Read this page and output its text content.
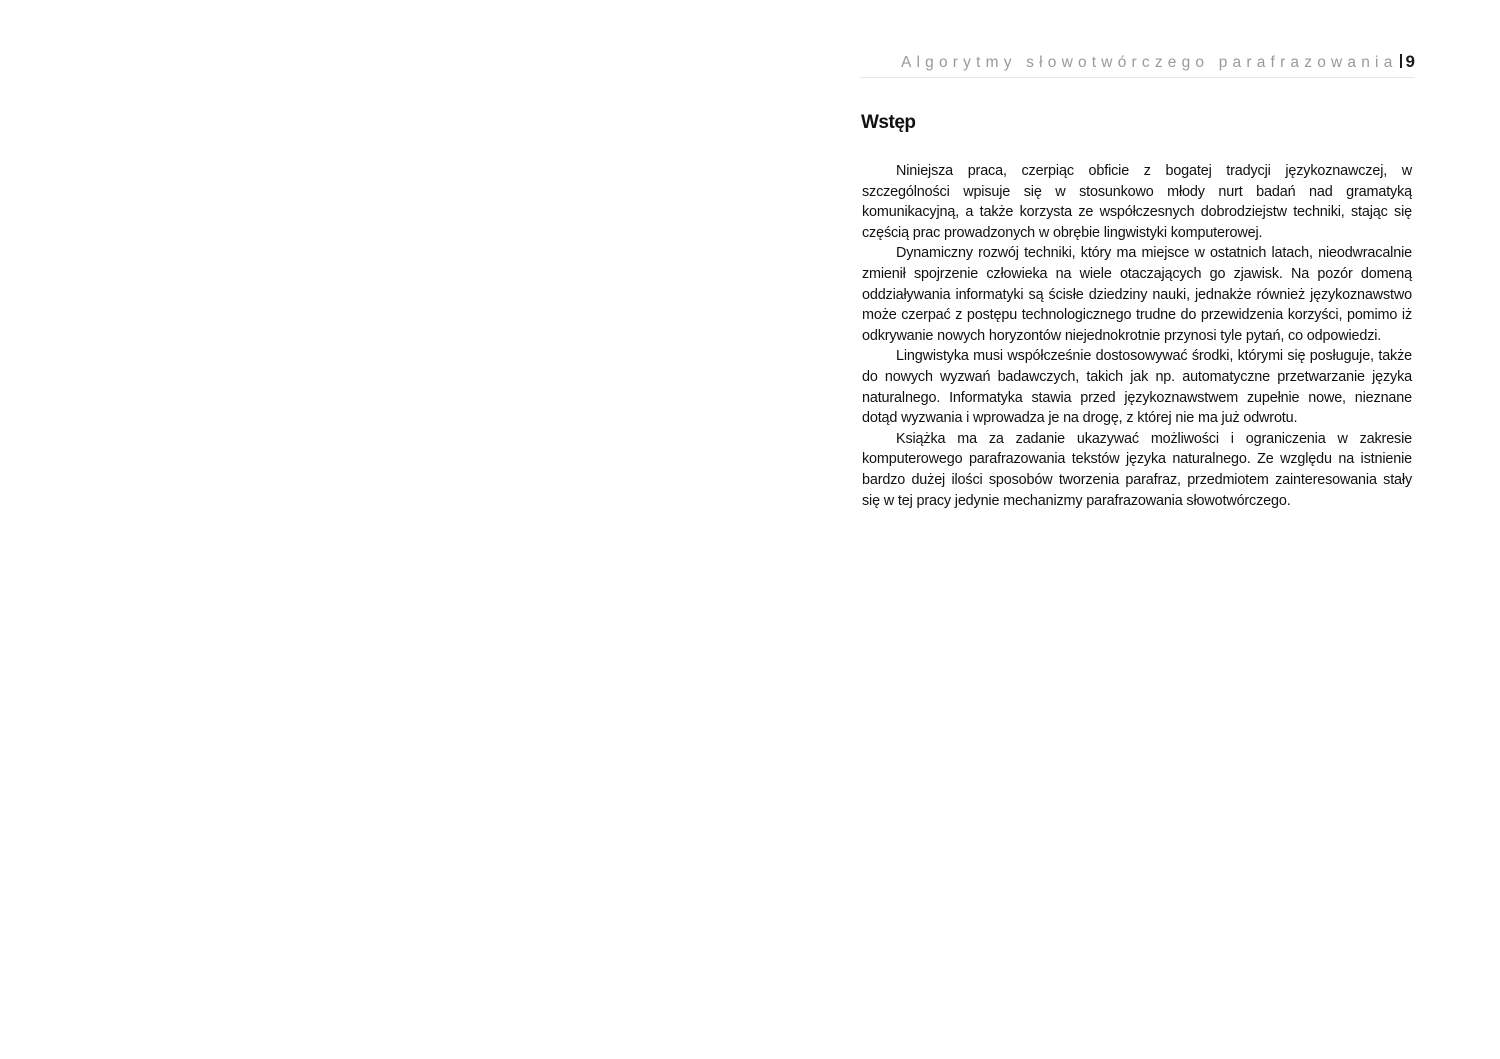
Algorytmy słowotwórczego parafrazowania 9
Wstęp

Niniejsza praca, czerpiąc obficie z bogatej tradycji językoznawczej, w szczególności wpisuje się w stosunkowo młody nurt badań nad gramatyką komunikacyjną, a także korzysta ze współczesnych dobrodziejstw techniki, stając się częścią prac prowadzonych w obrębie lingwistyki komputerowej.

Dynamiczny rozwój techniki, który ma miejsce w ostatnich latach, nieodwracalnie zmienił spojrzenie człowieka na wiele otaczających go zjawisk. Na pozór domeną oddziaływania informatyki są ścisłe dziedziny nauki, jednakże również językoznawstwo może czerpać z postępu technologicznego trudne do przewidzenia korzyści, pomimo iż odkrywanie nowych horyzontów niejednokrotnie przynosi tyle pytań, co odpowiedzi.

Lingwistyka musi współcześnie dostosowywać środki, którymi się posługuje, także do nowych wyzwań badawczych, takich jak np. automatyczne przetwarzanie języka naturalnego. Informatyka stawia przed językoznawstwem zupełnie nowe, nieznane dotąd wyzwania i wprowadza je na drogę, z której nie ma już odwrotu.

Książka ma za zadanie ukazywać możliwości i ograniczenia w zakresie komputerowego parafrazowania tekstów języka naturalnego. Ze względu na istnienie bardzo dużej ilości sposobów tworzenia parafraz, przedmiotem zainteresowania stały się w tej pracy jedynie mechanizmy parafrazowania słowotwórczego.
